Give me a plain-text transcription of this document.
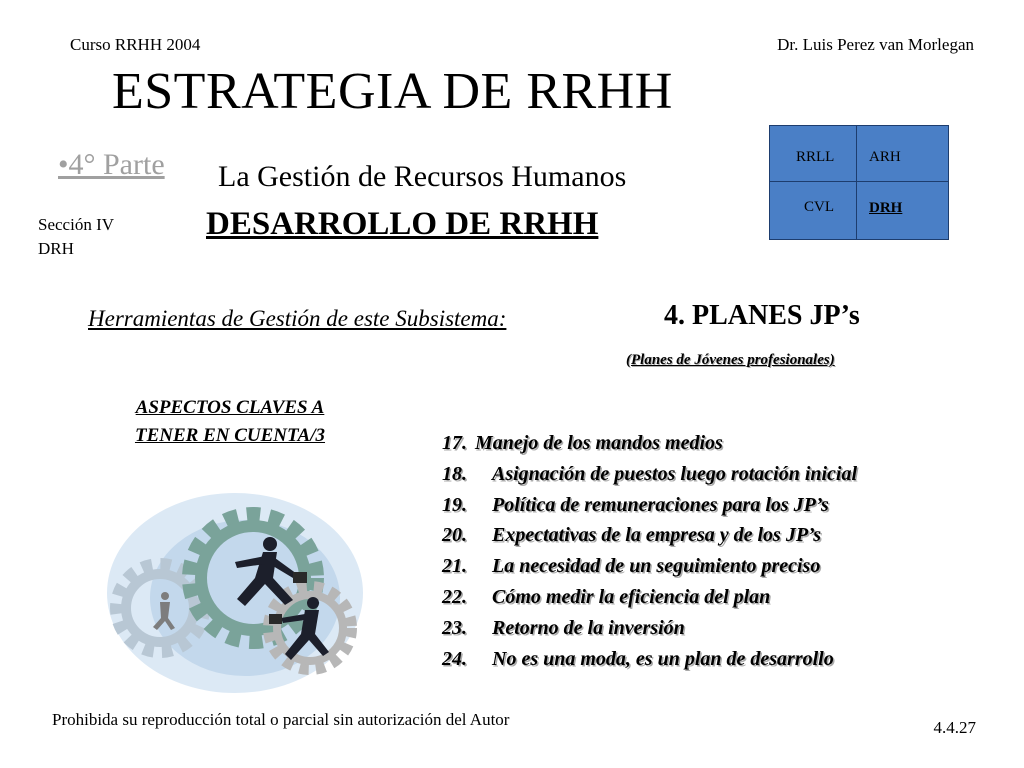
Curso RRHH 2004	Dr. Luis Perez van Morlegan
ESTRATEGIA DE RRHH
•4° Parte La Gestión de Recursos Humanos
Sección IV
DRH
DESARROLLO DE RRHH
RRLL ARH
CVL DRH
Herramientas de Gestión de este Subsistema:	4. PLANES JP’s
(Planes de Jóvenes profesionales)
ASPECTOS CLAVES A
TENER EN CUENTA/3	17. Manejo de los mandos medios
18. Asignación de puestos luego rotación inicial
19. Política de remuneraciones para los JP’s
20. Expectativas de la empresa y de los JP’s
21. La necesidad de un seguimiento preciso
22. Cómo medir la eficiencia del plan
23. Retorno de la inversión
24. No es una moda, es un plan de desarrollo
Prohibida su reproducción total o parcial sin autorización del Autor	4.4.27
